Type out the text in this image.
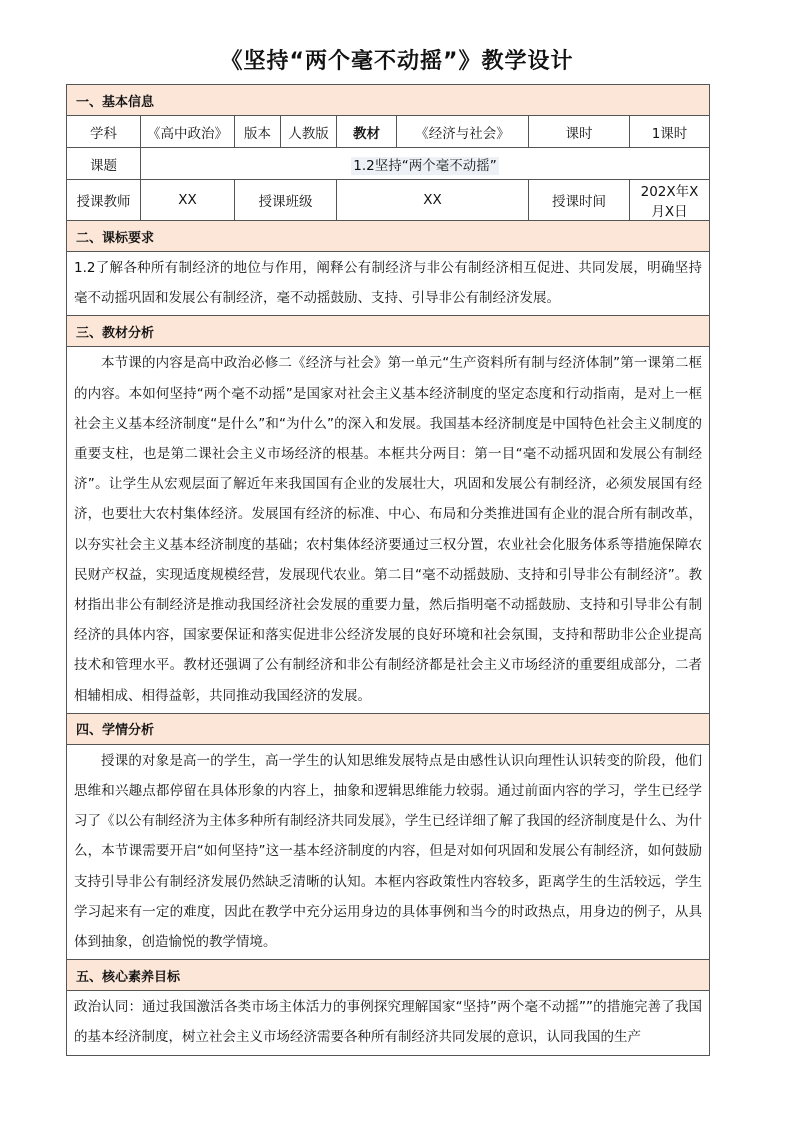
《坚持“两个毫不动摇”》教学设计
一、基本信息							
学科	《高中政治》	版本	人教版	教材	《经济与社会》	课时	1课时
课题	1.2坚持“两个毫不动摇”						
授课教师	XX	授课班级		XX		授课时间	202X年X月X日
二、课标要求							

1.2了解各种所有制经济的地位与作用，阐释公有制经济与非公有制经济相互促进、共同发展，明确坚持毫不动摇巩固和发展公有制经济，毫不动摇鼓励、支持、引导非公有制经济发展。							

三、教材分析							

本节课的内容是高中政治必修二《经济与社会》第一单元“生产资料所有制与经济体制”第一课第二框的内容。本如何坚持“两个毫不动摇”是国家对社会主义基本经济制度的坚定态度和行动指南，是对上一框社会主义基本经济制度“是什么”和“为什么”的深入和发展。我国基本经济制度是中国特色社会主义制度的重要支柱，也是第二课社会主义市场经济的根基。本框共分两目：第一目“毫不动摇巩固和发展公有制经济”。让学生从宏观层面了解近年来我国国有企业的发展壮大，巩固和发展公有制经济，必须发展国有经济，也要壮大农村集体经济。发展国有经济的标准、中心、布局和分类推进国有企业的混合所有制改革，以夯实社会主义基本经济制度的基础；农村集体经济要通过三权分置，农业社会化服务体系等措施保障农民财产权益，实现适度规模经营，发展现代农业。第二目“毫不动摇鼓励、支持和引导非公有制经济”。教材指出非公有制经济是推动我国经济社会发展的重要力量，然后指明毫不动摇鼓励、支持和引导非公有制经济的具体内容，国家要保证和落实促进非公经济发展的良好环境和社会氛围，支持和帮助非公企业提高技术和管理水平。教材还强调了公有制经济和非公有制经济都是社会主义市场经济的重要组成部分，二者相辅相成、相得益彰，共同推动我国经济的发展。							

四、学情分析							

授课的对象是高一的学生，高一学生的认知思维发展特点是由感性认识向理性认识转变的阶段，他们思维和兴趣点都停留在具体形象的内容上，抽象和逻辑思维能力较弱。通过前面内容的学习，学生已经学习了《以公有制经济为主体多种所有制经济共同发展》，学生已经详细了解了我国的经济制度是什么、为什么，本节课需要开启“如何坚持”这一基本经济制度的内容，但是对如何巩固和发展公有制经济，如何鼓励支持引导非公有制经济发展仍然缺乏清晰的认知。本框内容政策性内容较多，距离学生的生活较远，学生学习起来有一定的难度，因此在教学中充分运用身边的具体事例和当今的时政热点，用身边的例子，从具体到抽象，创造愉悦的教学情境。							

五、核心素养目标							

政治认同：通过我国激活各类市场主体活力的事例探究理解国家“坚持”两个毫不动摇””的措施完善了我国的基本经济制度，树立社会主义市场经济需要各种所有制经济共同发展的意识，认同我国的生产							
